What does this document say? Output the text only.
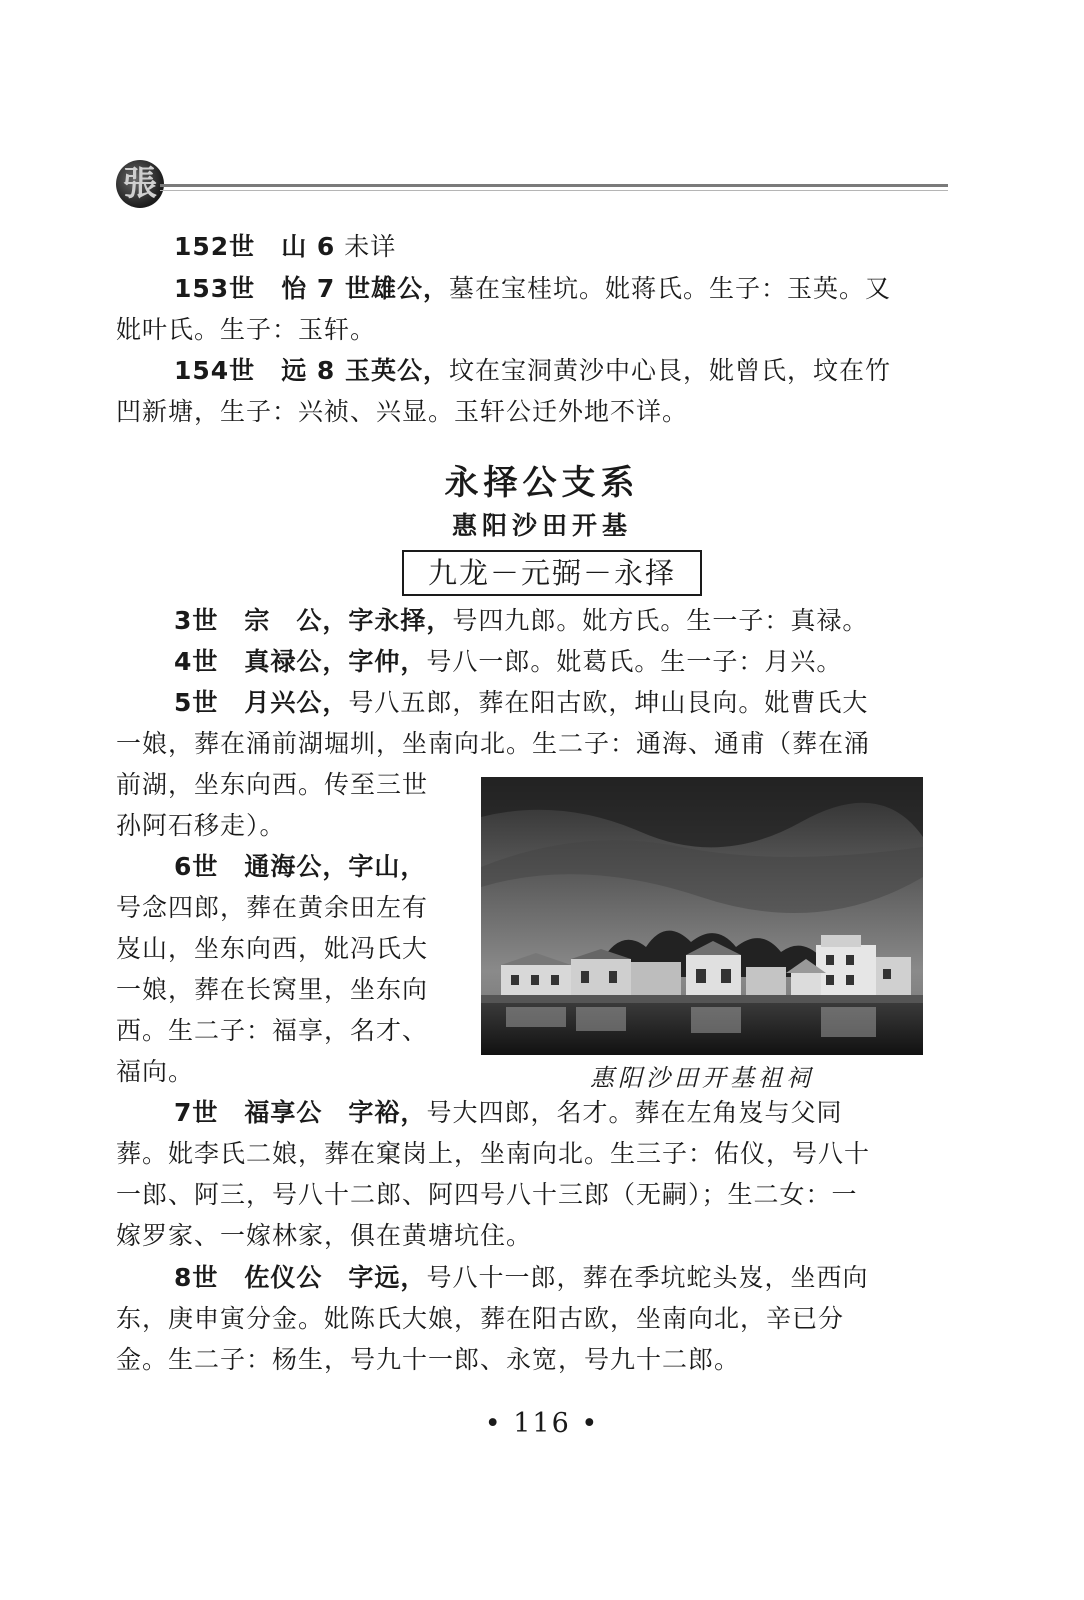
張
152世 山 6 未详
153世 怡 7 世雄公，墓在宝桂坑。妣蒋氏。生子：玉英。又
妣叶氏。生子：玉轩。
154世 远 8 玉英公，坟在宝洞黄沙中心艮，妣曾氏，坟在竹
凹新塘，生子：兴祯、兴显。玉轩公迁外地不详。
永择公支系
惠阳沙田开基
九龙－元弼－永择
3世 宗　公，字永择，号四九郎。妣方氏。生一子：真禄。
4世 真禄公，字仲，号八一郎。妣葛氏。生一子：月兴。
5世 月兴公，号八五郎，葬在阳古欧，坤山艮向。妣曹氏大
一娘，葬在涌前湖堀圳，坐南向北。生二子：通海、通甫（葬在涌
前湖，坐东向西。传至三世
孙阿石移走）。
6世 通海公，字山，
号念四郎，葬在黄余田左有
岌山，坐东向西，妣冯氏大
一娘，葬在长窝里，坐东向
西。生二子：福享，名才、
福向。	惠阳沙田开基祖祠
7世 福享公 字裕，号大四郎，名才。葬在左角岌与父同
葬。妣李氏二娘，葬在窠岗上，坐南向北。生三子：佑仪，号八十
一郎、阿三，号八十二郎、阿四号八十三郎（无嗣）；生二女：一
嫁罗家、一嫁林家，俱在黄塘坑住。
8世 佐仪公 字远，号八十一郎，葬在季坑蛇头岌，坐西向
东，庚申寅分金。妣陈氏大娘，葬在阳古欧，坐南向北，辛已分
金。生二子：杨生，号九十一郎、永宽，号九十二郎。
• 116 •
